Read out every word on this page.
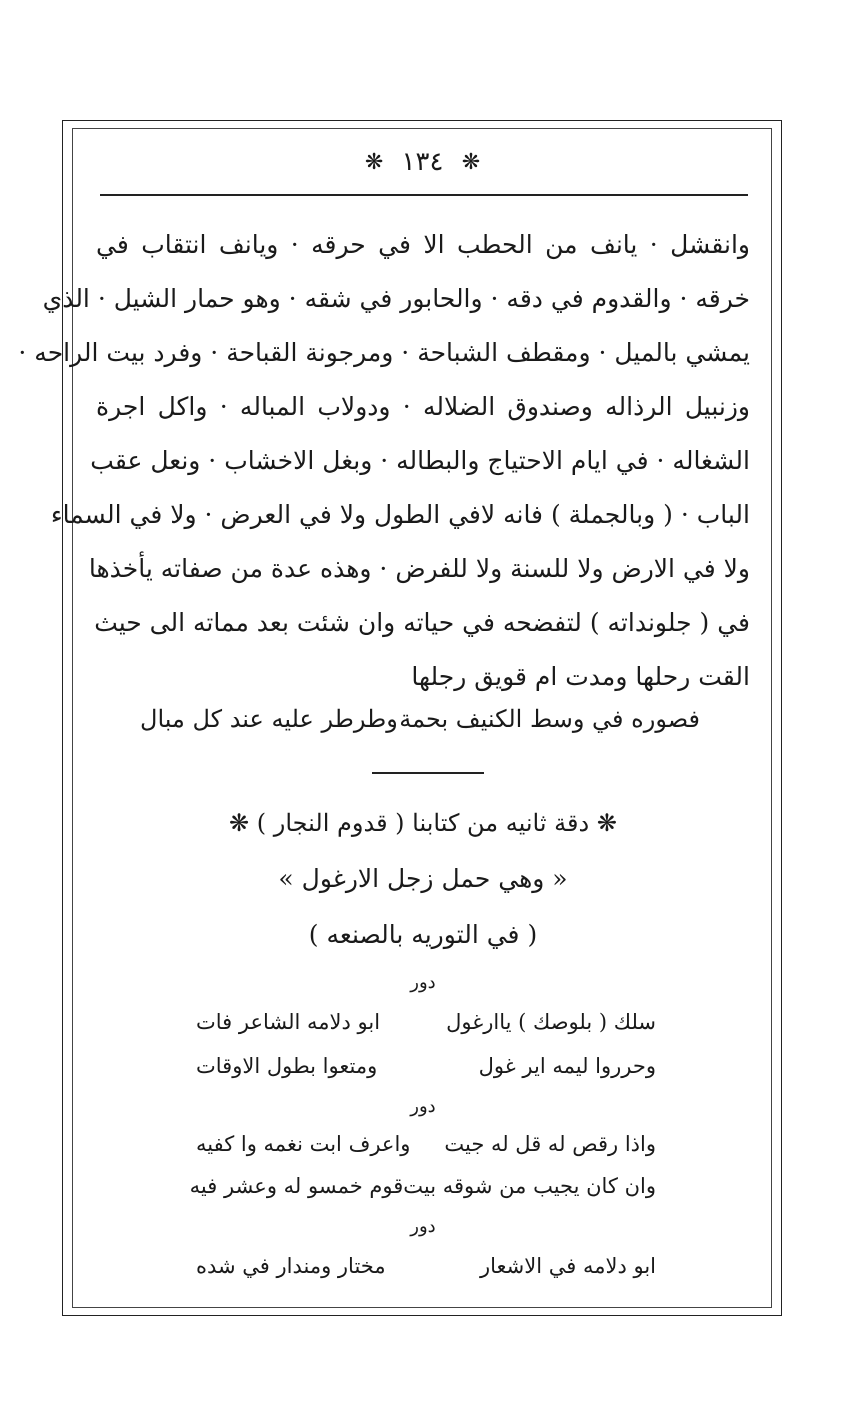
❋ ١٣٤ ❋
وانقشل · يانف من الحطب الا في حرقه · ويانف انتقاب في
خرقه · والقدوم في دقه · والحابور في شقه · وهو حمار الشيل · الذي
يمشي بالميل · ومقطف الشباحة · ومرجونة القباحة · وفرد بيت الراحه ·
وزنبيل الرذاله وصندوق الضلاله · ودولاب المباله · واكل اجرة
الشغاله · في ايام الاحتياج والبطاله · وبغل الاخشاب · ونعل عقب
الباب · ( وبالجملة ) فانه لافي الطول ولا في العرض · ولا في السماء
ولا في الارض ولا للسنة ولا للفرض · وهذه عدة من صفاته يأخذها
في ( جلونداته ) لتفضحه في حياته وان شئت بعد مماته الى حيث
القت رحلها ومدت ام قويق رجلها
فصوره في وسط الكنيف بحمة
وطرطر عليه عند كل مبال
❋ دقة ثانيه من كتابنا ( قدوم النجار ) ❋
« وهي حمل زجل الارغول »
( في التوريه بالصنعه )
دور
سلك ( بلوصك ) ياارغول
ابو دلامه الشاعر فات
وحرروا ليمه اير غول
ومتعوا بطول الاوقات
دور
واذا رقص له قل له جيت
واعرف ابت نغمه وا كفيه
وان كان يجيب من شوقه بيت
قوم خمسو له وعشر فيه
دور
ابو دلامه في الاشعار
مختار ومندار في شده
